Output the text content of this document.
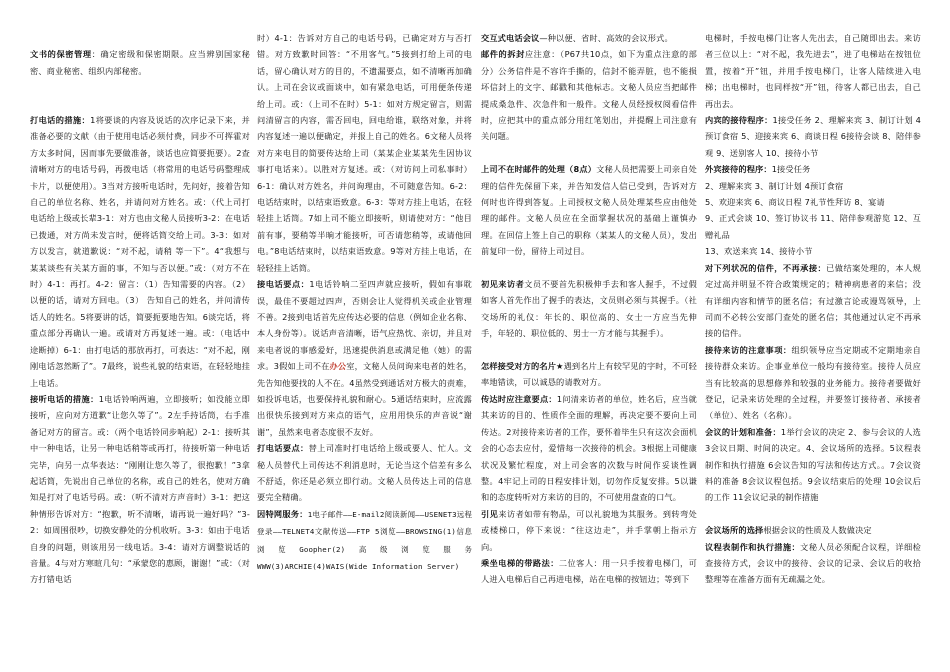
文书的保密管理：确定密级和保密期限。应当辨别国家秘密、商业秘密、组织内部秘密。

打电话的措施：1将要谈的内容及说话的次序记录下来，并准备必要的文献（由于使用电话必须付费，同步不可挥霍对方太多时间，因而事先要做准备，谈话也应简要扼要）。2查清晰对方的电话号码，再拨电话（将常用的电话号码整理成卡片，以便使用）。3当对方接听电话时，先问好，接着告知自己的单位名称、姓名，并请问对方姓名。或：（代上司打电话给上级或长辈3-1：对方也由文秘人员接听3-2：在电话已拨通，对方尚未发言时，便将话筒交给上司。3-3：如对方以发言，就道歉说：“对不起，请稍 等一下”。4“我想与某某谈些有关某方面的事，不知与否以便。”或：（对方不在时）4-1：再打。4-2：留言：（1）告知需要的内容。（2）以便的话，请对方回电。（3） 告知自己的姓名，并问清传话人的姓名。5将要讲的话，简要扼要地告知。6谈完话，将重点部分再确认一遍。或请对方再复述一遍。或：（电话中途断掉）6-1：由打电话的那放再打，可表达：“对不起，刚刚电话忽然断了”。7最终，说些礼貌的结束语，在轻轻地挂上电话。

接听电话的措施：1电话铃响两遍，立即接听；如没能立即接听，应向对方道歉“让您久等了”。2左手持话筒，右手准备记对方的留言。或：（两个电话铃同步响起）2-1：接听其中一种电话，让另一种电话稍等或再打，待接听第一种电话完毕，向另一点华表达：“刚刚让您久等了，很抱歉！”3拿起话筒，先说出自己单位的名称，或自己的姓名，使对方确知是打对了电话号码。或：（听不清对方声音时）3-1：把这种情形告诉对方：“抱歉，听不清晰，请再说一遍好吗？”3-2：如周围很吵，切换安静处的分机收听。3-3：如由于电话自身的问题，则该用另一线电话。3-4：请对方调整说话的音量。4与对方寒暄几句：“承蒙您的惠顾，谢谢！”或：（对方打错电话

时）4-1：告诉对方自己的电话号码，已确定对方与否打错。对方致歉时回答：“不用客气。”5接到打给上司的电话，留心确认对方的目的，不遗漏要点，如不清晰再加确认。上司在会议或面谈中，如有紧急电话，可用便条传递给上司。或：（上司不在时）5-1：如对方规定留言，则需问清留言的内容，需否回电，回电给谁，联络对象，并将内容复述一遍以便确定，并报上自己的姓名。6文秘人员将对方来电目的简要传达给上司（某某企业某某先生因协议事打电话来）。以胜对方复述。或：（对访问上司私事时）6-1：确认对方姓名，并问询理由，不可随意告知。6-2：电话结束时，以结束语致意。6-3：等对方挂上电话，在轻轻挂上话筒。7如上司不能立即接听，则请使对方：“他目前有事，要稍等半晌才能接听，可否请您稍等，或请他回电。”8电话结束时，以结束语致意。9等对方挂上电话，在轻轻挂上话筒。

接电话要点：1电话铃响二至四声就应接听，假如有事耽误，最佳不要超过四声，否则会让人觉得机关或企业管理不善。2接到电话首先应传达必要的信息（例如企业名称、本人身份等）。说话声音清晰，语气应热忱、亲切，并且对来电者说的事感爱好，迅速提供消息或满足他（她）的需求。3假如上司不在办公室，文秘人员问询来电者的姓名，先告知他要找的人不在。4虽然受到通话对方极大的责难，如投诉电话，也要保持礼貌和耐心。5通话结束时，应流露出很快乐接到对方来点的语气，应用用快乐的声音说“谢谢”，虽然来电者态度很不友好。

打电话要点：替上司准时打电话给上级或要人、忙人。文秘人员替代上司传达不利消息时，无论当这个信差有多么不舒适，你还是必须立即行动。文秘人员传达上司的信息要完全精确。

因特网服务：1电子邮件——E-mail2阅读新闻——USENET3远程登录——TELNET4文献传送——FTP 5浏览——BROWSING(1)信息浏览Goopher(2)高级浏览服务WWW(3)ARCHIE(4)WAIS(Wide Information Server)

交互式电话会议—种以便、省时、高效的会议形式。

邮件的拆封应注意：（P67共10点，如下为重点注意的部分）公务信件是不容许手撕的，信封不能弄脏，也不能损坏信封上的文字、邮戳和其他标志。文秘人员应当把邮件提成桑急件、次急件和一般件。文秘人员经授权阅看信件时，应把其中的重点部分用红笔划出，并提醒上司注意有关问题。

上司不在时邮件的处理（8点）文秘人员把需要上司亲自处理的信件先保留下来，并告知发信人信已受到，告诉对方何时也许得到答复。上司授权文秘人员处理某些应由他处理的邮件。文秘人员应在全面掌握状况的基础上谨慎办理。在回信上签上自己的职称（某某人的文秘人员），发出前复印一份，留待上司过目。

初见来访者文员不要首先积极伸手去和客人握手，不过假如客人首先作出了握手的表达，文员则必须与其握手。（社交场所的礼仪：年长的、职位高的、女士一方应当先伸手，年轻的、职位低的、男士一方才能与其握手）。

怎样接受对方的名片★遇到名片上有较罕见的字时，不可轻率地错读，可以诚恳的请教对方。

传达时应注意要点：1问清来访者的单位，姓名后，应当就其来访的目的、性质作全面的理解，再决定要不要向上司传达。2对接待来访者的工作，要怀着毕生只有这次会面机会的心态去应付，爱惜每一次接待的机会。3根据上司健康状况及繁忙程度，对上司会客的次数与时间作妥谈性调整。4牢记上司的日程安排计划，切勿作反复安排。5以谦和的态度转听对方来访的目的，不可使用盘查的口气。

引见来访者如带有物品，可以礼貌地为其服务。到转弯处或楼梯口，停下来说：“往这边走”，并手掌朝上指示方向。

乘坐电梯的带路法：二位客人：用一只手按着电梯门，可人进入电梯后自己再进电梯，站在电梯的按钮边；等到下

电梯时，手按电梯门让客人先出去，自己随即出去。来访者三位以上：“对不起，我先进去”，进了电梯站在按钮位置，按着“开”钮，并用手按电梯门，让客人陆续进入电梯；出电梯时，也同样按“开”钮，待客人都已出去，自己再出去。

内宾的接待程序：1接受任务 2、理解来宾 3、制订计划 4预订食宿 5、迎接来宾 6、商谈日程 6接待会谈 8、陪伴参观 9、送别客人 10、接待小节

外宾接待的程序：1接受任务

2、理解来宾 3、制订计划 4预订食宿

5、欢迎来宾 6、商议日程 7礼节性拜访 8、宴请

9、正式会谈 10、签订协议书 11、陪伴参观游览 12、互赠礼品

13、欢送来宾 14、接待小节

对下列状况的信件，不再承接：已做结案处理的，本人规定过高并明显不符合政策规定的；精神病患者的来信；没有详细内容和情节的匿名信；有过激言论或谩骂领导，上司而不必转公安部门查处的匿名信；其他通过认定不再承接的信件。

接待来访的注意事项：组织领导应当定期或不定期地亲自接待群众来访。企事业单位一般均有接待室。接待人员应当有比较高的思想修养和较强的业务能力。接待者要做好登记，记录来访处理的全过程，并要签订接待者、承接者（单位）、姓名（名称）。

会议的计划和准备：1举行会议的决定 2、参与会议的人选 3会议日期、时间的决定。4、会议场所的选择。5议程表制作和执行措施 6会议告知的写法和传达方式。。7会议资料的准备 8会议议程包括。9会议结束后的处理 10会议后的工作 11会议记录的制作措施

会议场所的选择根据会议的性质及人数做决定

议程表制作和执行措施：文秘人员必须配合议程，详细检查接待方式，会议中的接待、会议的记录、会议后的收拾整理等在准备方面有无疏漏之处。
